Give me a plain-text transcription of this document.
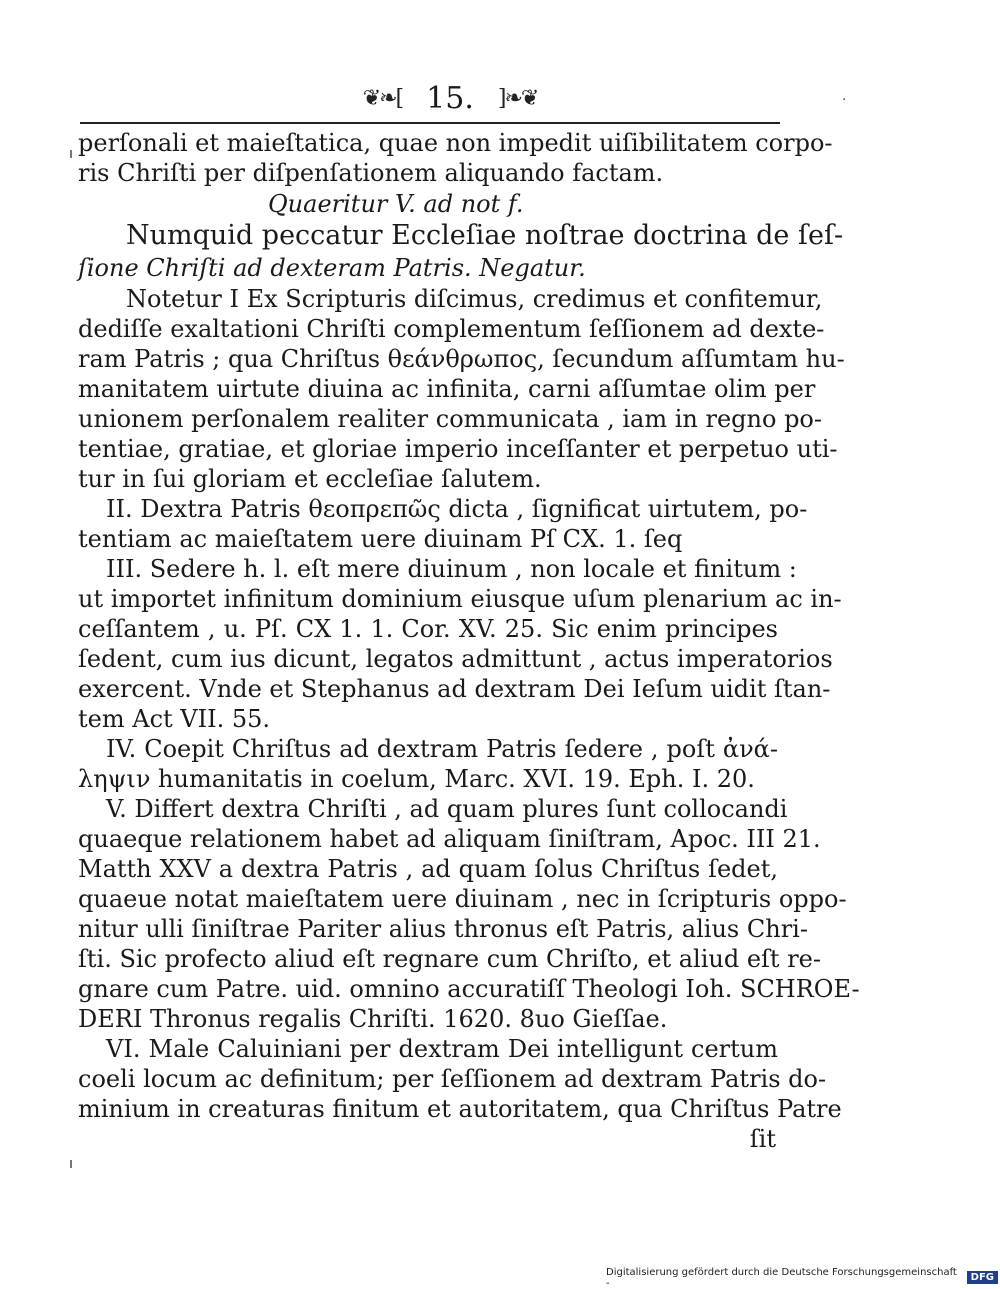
❦❧[ 15. ]❧❦	·
perſonali et maieſtatica, quae non impedit uiſibilitatem corpo-
ris Chriſti per diſpenſationem aliquando factam.
Quaeritur V. ad not f.
Numquid peccatur Eccleſiae noſtrae doctrina de ſeſ-
ſione Chriſti ad dexteram Patris. Negatur.
Notetur I Ex Scripturis diſcimus, credimus et confitemur,
dediſſe exaltationi Chriſti complementum ſeſſionem ad dexte-
ram Patris ; qua Chriſtus θεάνθρωπος, ſecundum aſſumtam hu-
manitatem uirtute diuina ac infinita, carni aſſumtae olim per
unionem perſonalem realiter communicata , iam in regno po-
tentiae, gratiae, et gloriae imperio inceſſanter et perpetuo uti-
tur in ſui gloriam et eccleſiae ſalutem.
II. Dextra Patris θεοπρεπῶς dicta , ſignificat uirtutem, po-
tentiam ac maieſtatem uere diuinam Pſ CX. 1. ſeq
III. Sedere h. l. eſt mere diuinum , non locale et finitum :
ut importet infinitum dominium eiusque uſum plenarium ac in-
ceſſantem , u. Pſ. CX 1. 1. Cor. XV. 25. Sic enim principes
ſedent, cum ius dicunt, legatos admittunt , actus imperatorios
exercent. Vnde et Stephanus ad dextram Dei Ieſum uidit ſtan-
tem Act VII. 55.
IV. Coepit Chriſtus ad dextram Patris ſedere , poſt ἀνά-
ληψιν humanitatis in coelum, Marc. XVI. 19. Eph. I. 20.
V. Differt dextra Chriſti , ad quam plures ſunt collocandi
quaeque relationem habet ad aliquam ſiniſtram, Apoc. III 21.
Matth XXV a dextra Patris , ad quam ſolus Chriſtus ſedet,
quaeue notat maieſtatem uere diuinam , nec in ſcripturis oppo-
nitur ulli ſiniſtrae Pariter alius thronus eſt Patris, alius Chri-
ſti. Sic profecto aliud eſt regnare cum Chriſto, et aliud eſt re-
gnare cum Patre. uid. omnino accuratiſſ Theologi Ioh. SCHROE-
DERI Thronus regalis Chriſti. 1620. 8uo Gieſſae.
VI. Male Caluiniani per dextram Dei intelligunt certum
coeli locum ac definitum; per ſeſſionem ad dextram Patris do-
minium in creaturas finitum et autoritatem, qua Chriſtus Patre
ſit
Digitalisierung gefördert durch die Deutsche Forschungsgemeinschaft -	DFG
